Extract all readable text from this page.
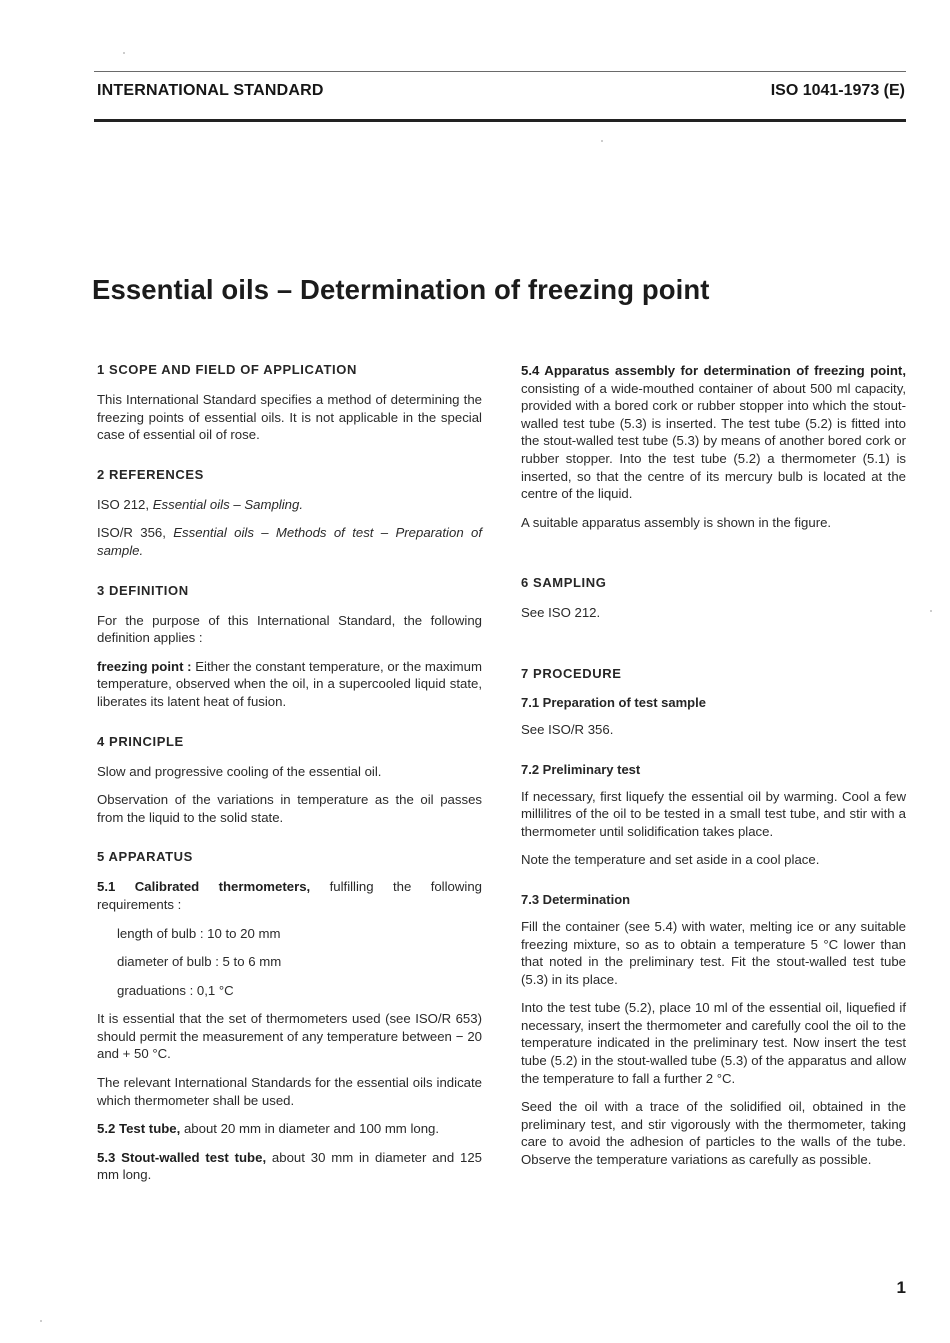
INTERNATIONAL STANDARD	ISO 1041-1973 (E)
Essential oils – Determination of freezing point
1 SCOPE AND FIELD OF APPLICATION

This International Standard specifies a method of determining the freezing points of essential oils. It is not applicable in the special case of essential oil of rose.

2 REFERENCES

ISO 212, Essential oils – Sampling.

ISO/R 356, Essential oils – Methods of test – Preparation of sample.

3 DEFINITION

For the purpose of this International Standard, the following definition applies :

freezing point : Either the constant temperature, or the maximum temperature, observed when the oil, in a supercooled liquid state, liberates its latent heat of fusion.

4 PRINCIPLE

Slow and progressive cooling of the essential oil.

Observation of the variations in temperature as the oil passes from the liquid to the solid state.

5 APPARATUS

5.1 Calibrated thermometers, fulfilling the following requirements :

length of bulb : 10 to 20 mm

diameter of bulb : 5 to 6 mm

graduations : 0,1 °C

It is essential that the set of thermometers used (see ISO/R 653) should permit the measurement of any temperature between − 20 and + 50 °C.

The relevant International Standards for the essential oils indicate which thermometer shall be used.

5.2 Test tube, about 20 mm in diameter and 100 mm long.

5.3 Stout-walled test tube, about 30 mm in diameter and 125 mm long.

5.4 Apparatus assembly for determination of freezing point, consisting of a wide-mouthed container of about 500 ml capacity, provided with a bored cork or rubber stopper into which the stout-walled test tube (5.3) is inserted. The test tube (5.2) is fitted into the stout-walled test tube (5.3) by means of another bored cork or rubber stopper. Into the test tube (5.2) a thermometer (5.1) is inserted, so that the centre of its mercury bulb is located at the centre of the liquid.

A suitable apparatus assembly is shown in the figure.

6 SAMPLING

See ISO 212.

7 PROCEDURE
7.1 Preparation of test sample

See ISO/R 356.

7.2 Preliminary test

If necessary, first liquefy the essential oil by warming. Cool a few millilitres of the oil to be tested in a small test tube, and stir with a thermometer until solidification takes place.

Note the temperature and set aside in a cool place.

7.3 Determination

Fill the container (see 5.4) with water, melting ice or any suitable freezing mixture, so as to obtain a temperature 5 °C lower than that noted in the preliminary test. Fit the stout-walled test tube (5.3) in its place.

Into the test tube (5.2), place 10 ml of the essential oil, liquefied if necessary, insert the thermometer and carefully cool the oil to the temperature indicated in the preliminary test. Now insert the test tube (5.2) in the stout-walled tube (5.3) of the apparatus and allow the temperature to fall a further 2 °C.

Seed the oil with a trace of the solidified oil, obtained in the preliminary test, and stir vigorously with the thermometer, taking care to avoid the adhesion of particles to the walls of the tube. Observe the temperature variations as carefully as possible.

1
